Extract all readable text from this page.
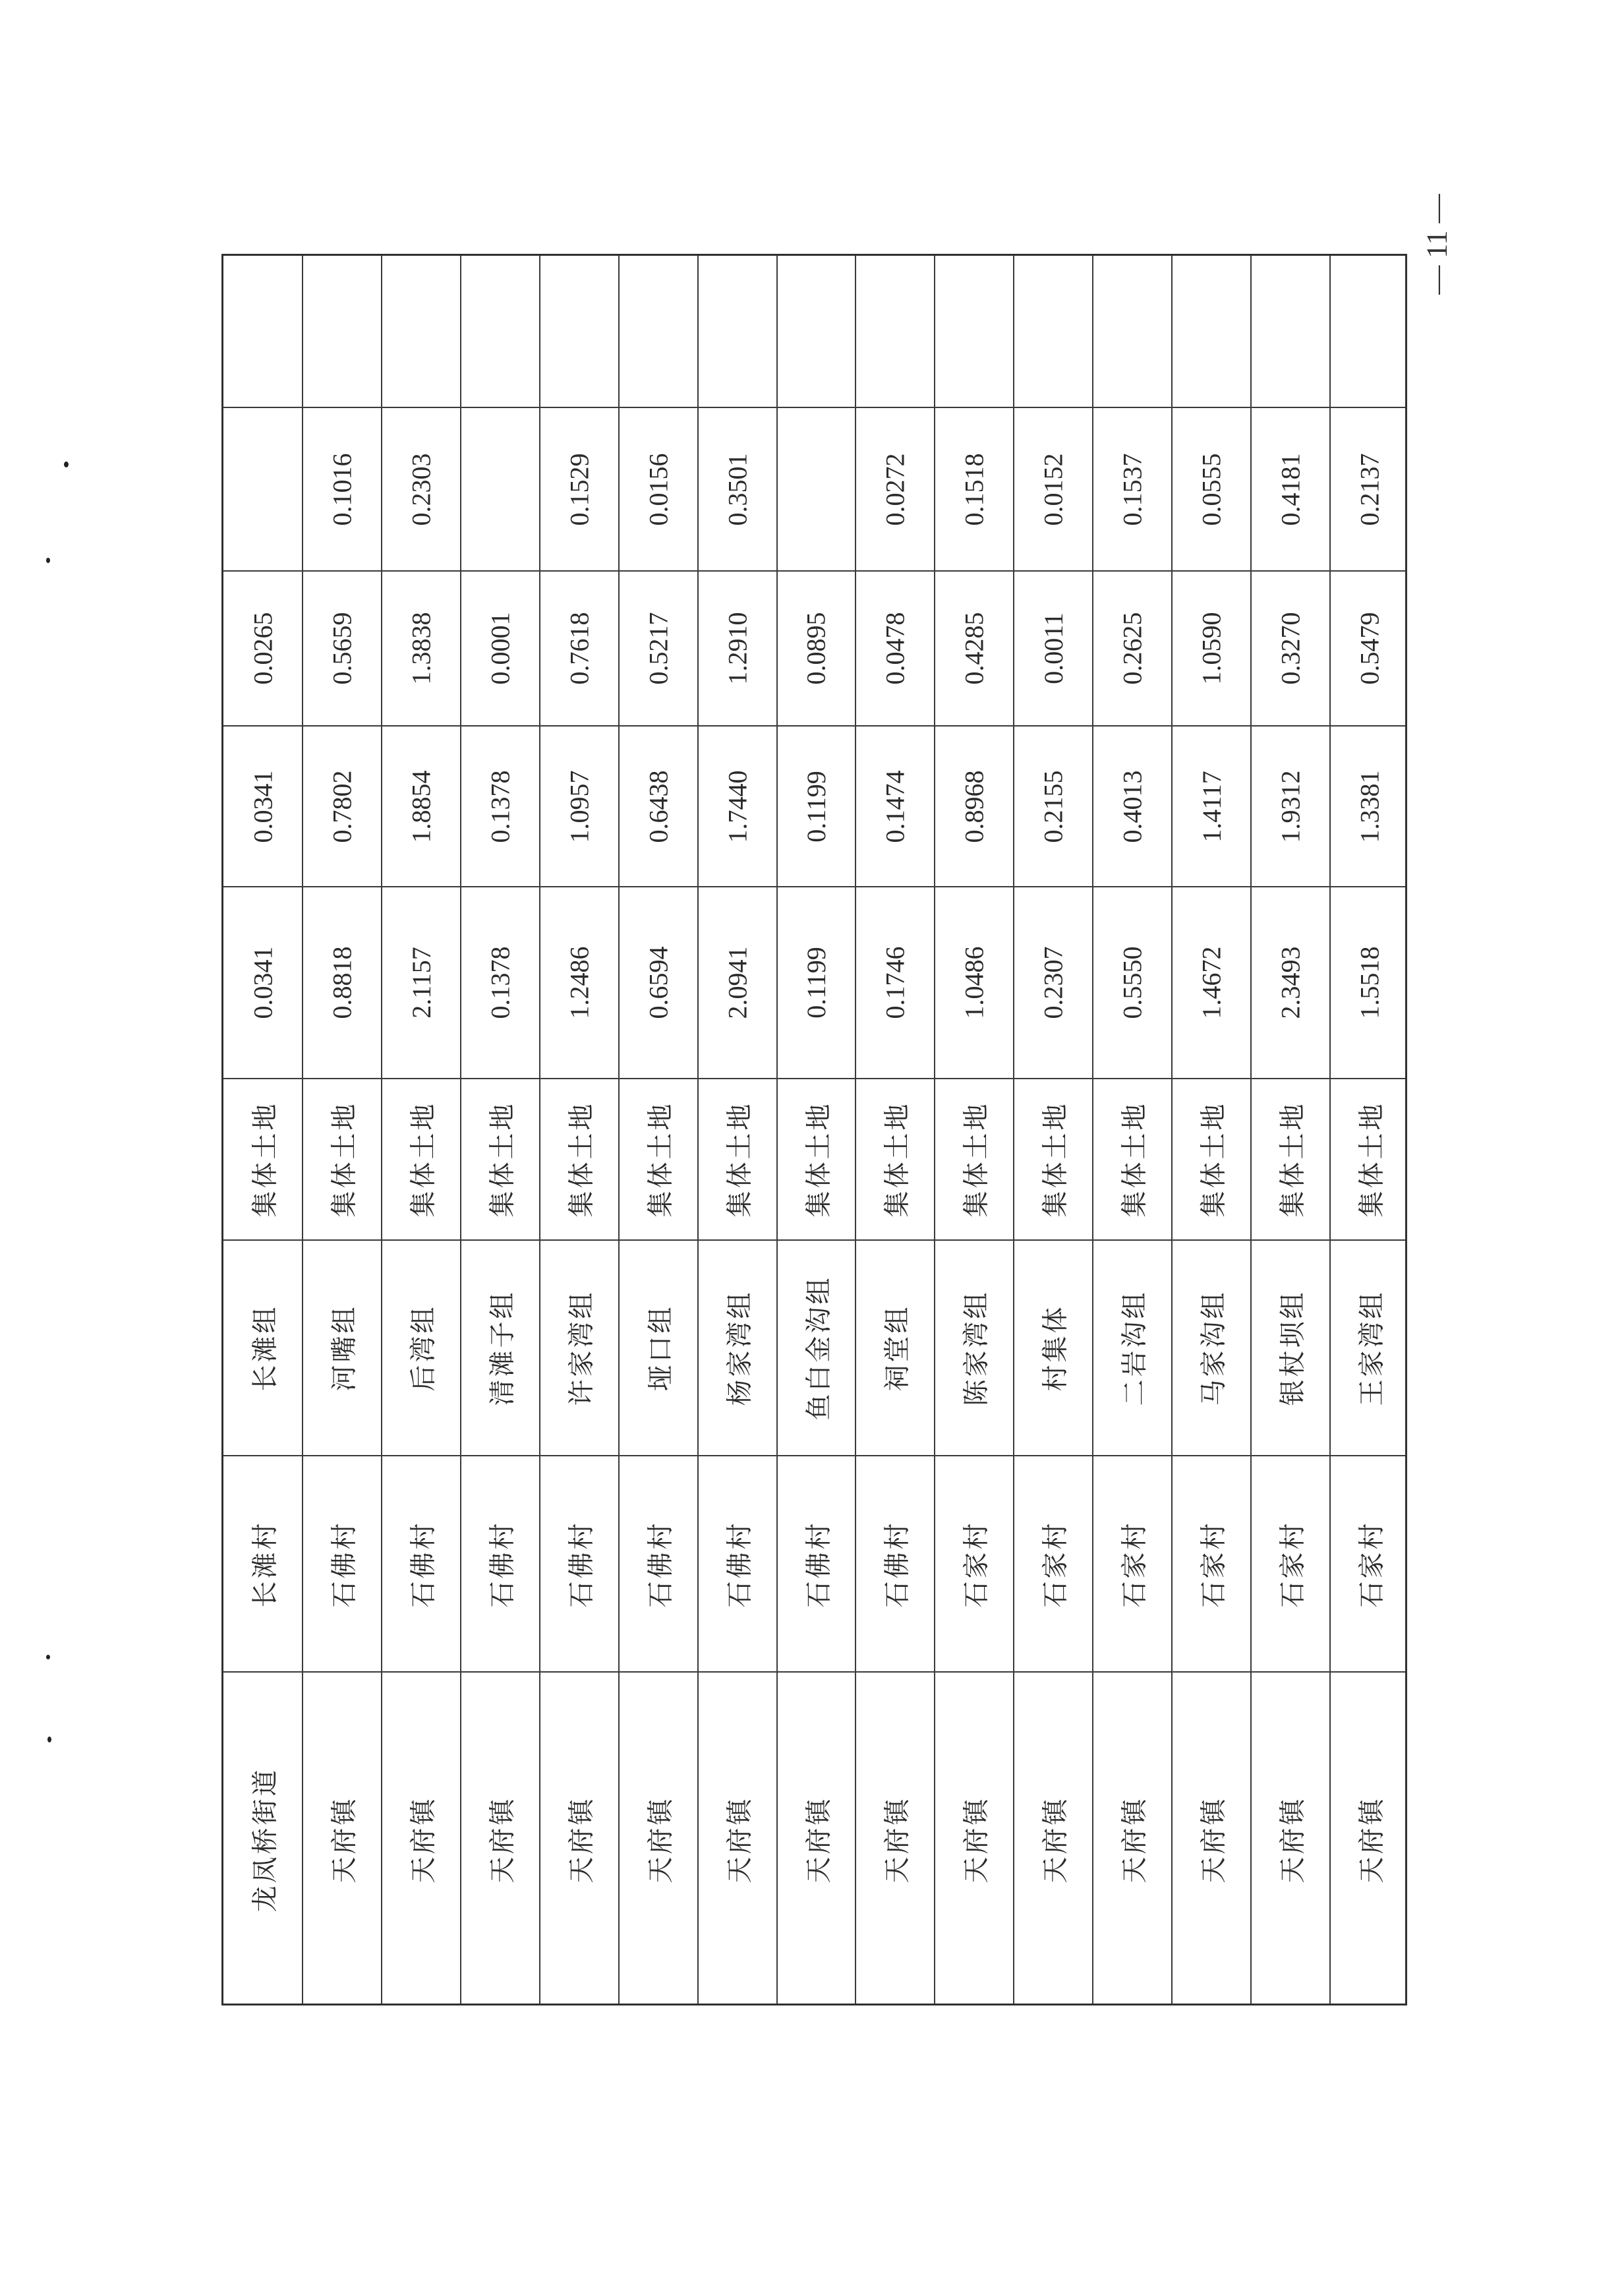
0.0265
0.0341
0.0341
集体土地
长滩组
长滩村
龙凤桥街道
0.1016
0.5659
0.7802
0.8818
集体土地
河嘴组
石佛村
天府镇
0.2303
1.3838
1.8854
2.1157
集体土地
后湾组
石佛村
天府镇
0.0001
0.1378
0.1378
集体土地
清滩子组
石佛村
天府镇
0.1529
0.7618
1.0957
1.2486
集体土地
许家湾组
石佛村
天府镇
0.0156
0.5217
0.6438
0.6594
集体土地
垭口组
石佛村
天府镇
0.3501
1.2910
1.7440
2.0941
集体土地
杨家湾组
石佛村
天府镇
0.0895
0.1199
0.1199
集体土地
鱼白金沟组
石佛村
天府镇
0.0272
0.0478
0.1474
0.1746
集体土地
祠堂组
石佛村
天府镇
0.1518
0.4285
0.8968
1.0486
集体土地
陈家湾组
石家村
天府镇
0.0152
0.0011
0.2155
0.2307
集体土地
村集体
石家村
天府镇
0.1537
0.2625
0.4013
0.5550
集体土地
二岩沟组
石家村
天府镇
0.0555
1.0590
1.4117
1.4672
集体土地
马家沟组
石家村
天府镇
0.4181
0.3270
1.9312
2.3493
集体土地
银杖坝组
石家村
天府镇
0.2137
0.5479
1.3381
1.5518
集体土地
王家湾组
石家村
天府镇
— 11 —
